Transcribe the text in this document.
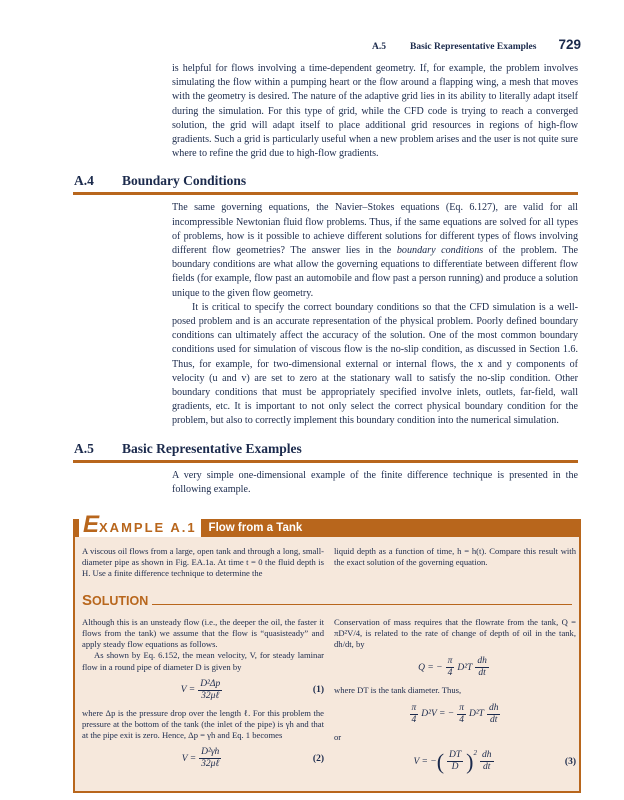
A.5	Basic Representative Examples 729
is helpful for flows involving a time-dependent geometry. If, for example, the problem involves simulating the flow within a pumping heart or the flow around a flapping wing, a mesh that moves with the geometry is desired. The nature of the adaptive grid lies in its ability to literally adapt itself during the simulation. For this type of grid, while the CFD code is trying to reach a converged solution, the grid will adapt itself to place additional grid resources in regions of high-flow gradients. Such a grid is particularly useful when a new problem arises and the user is not quite sure where to refine the grid due to high-flow gradients.
A.4 Boundary Conditions
The same governing equations, the Navier–Stokes equations (Eq. 6.127), are valid for all incompressible Newtonian fluid flow problems. Thus, if the same equations are solved for all types of problems, how is it possible to achieve different solutions for different types of flows involving different flow geometries? The answer lies in the boundary conditions of the problem. The boundary conditions are what allow the governing equations to differentiate between different flow fields (for example, flow past an automobile and flow past a person running) and produce a solution unique to the given flow geometry.
It is critical to specify the correct boundary conditions so that the CFD simulation is a well-posed problem and is an accurate representation of the physical problem. Poorly defined boundary conditions can ultimately affect the accuracy of the solution. One of the most common boundary conditions used for simulation of viscous flow is the no-slip condition, as discussed in Section 1.6. Thus, for example, for two-dimensional external or internal flows, the x and y components of velocity (u and v) are set to zero at the stationary wall to satisfy the no-slip condition. Other boundary conditions that must be appropriately specified involve inlets, outlets, far-field, wall gradients, etc. It is important to not only select the correct physical boundary condition for the problem, but also to correctly implement this boundary condition into the numerical simulation.
A.5 Basic Representative Examples
A very simple one-dimensional example of the finite difference technique is presented in the following example.
EXAMPLE A.1	Flow from a Tank
A viscous oil flows from a large, open tank and through a long, small-diameter pipe as shown in Fig. EA.1a. At time t = 0 the fluid depth is H. Use a finite difference technique to determine the
liquid depth as a function of time, h = h(t). Compare this result with the exact solution of the governing equation.
SOLUTION
Although this is an unsteady flow (i.e., the deeper the oil, the faster it flows from the tank) we assume that the flow is “quasisteady” and apply steady flow equations as follows.
As shown by Eq. 6.152, the mean velocity, V, for steady laminar flow in a round pipe of diameter D is given by
$V = \frac{\text{D²Δp}}{\text{32μℓ}}$	(1)
where Δp is the pressure drop over the length ℓ. For this problem the pressure at the bottom of the tank (the inlet of the pipe) is γh and that at the pipe exit is zero. Hence, Δp = γh and Eq. 1 becomes
$V = \frac{\text{D²γh}}{\text{32μℓ}}$	(2)
Conservation of mass requires that the flowrate from the tank, Q = πD²V/4, is related to the rate of change of depth of oil in the tank, dh/dt, by
Q = − $\frac{\pi}{4} D^2T \frac{dh}{dt}$
where DT is the tank diameter. Thus,
$\frac{\pi}{4} D^2V$ = − $\frac{\pi}{4} D^2T \frac{dh}{dt}$
or
V = − ( $\frac{DT}{D} )^2 \frac{dh}{dt}$	(3)
